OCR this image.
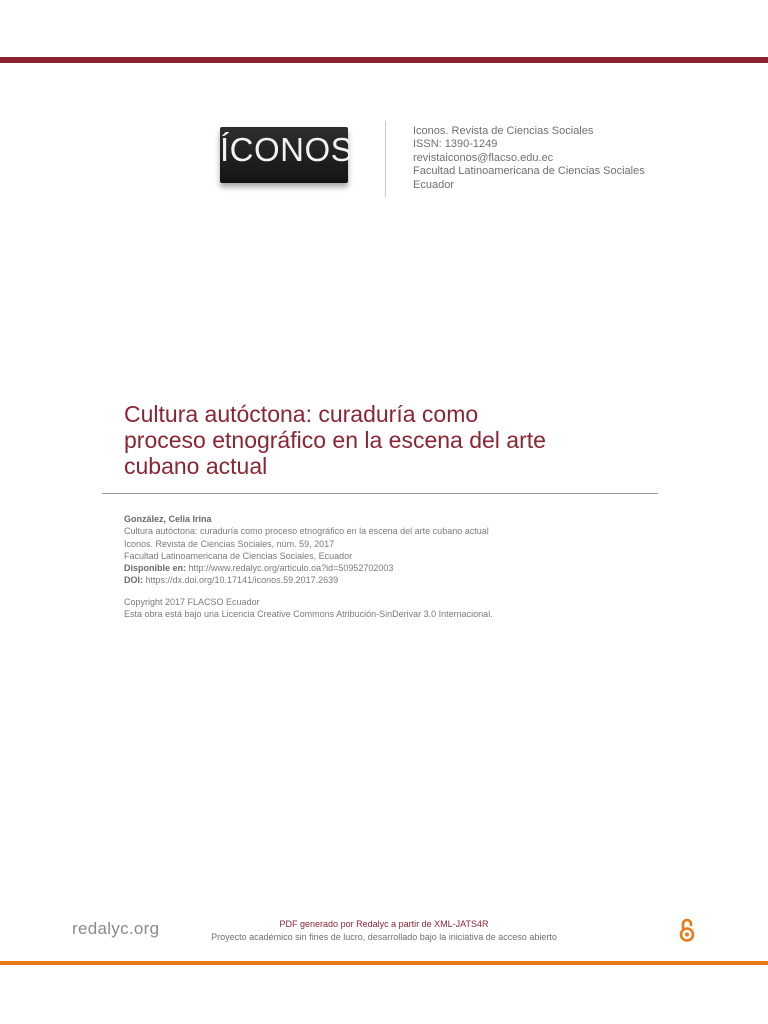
ÍCONOS	Iconos. Revista de Ciencias Sociales
ISSN: 1390-1249
revistaiconos@flacso.edu.ec
Facultad Latinoamericana de Ciencias Sociales
Ecuador
Cultura autóctona: curaduría como
proceso etnográfico en la escena del arte
cubano actual
González, Celia Irina
Cultura autóctona: curaduría como proceso etnográfico en la escena del arte cubano actual
Iconos. Revista de Ciencias Sociales, núm. 59, 2017
Facultad Latinoamericana de Ciencias Sociales, Ecuador
Disponible en: http://www.redalyc.org/articulo.oa?id=50952702003
DOI: https://dx.doi.org/10.17141/iconos.59.2017.2639
Copyright 2017 FLACSO Ecuador
Esta obra está bajo una Licencia Creative Commons Atribución-SinDerivar 3.0 Internacional.
redalyc.org	PDF generado por Redalyc a partir de XML-JATS4R
Proyecto académico sin fines de lucro, desarrollado bajo la iniciativa de acceso abierto
